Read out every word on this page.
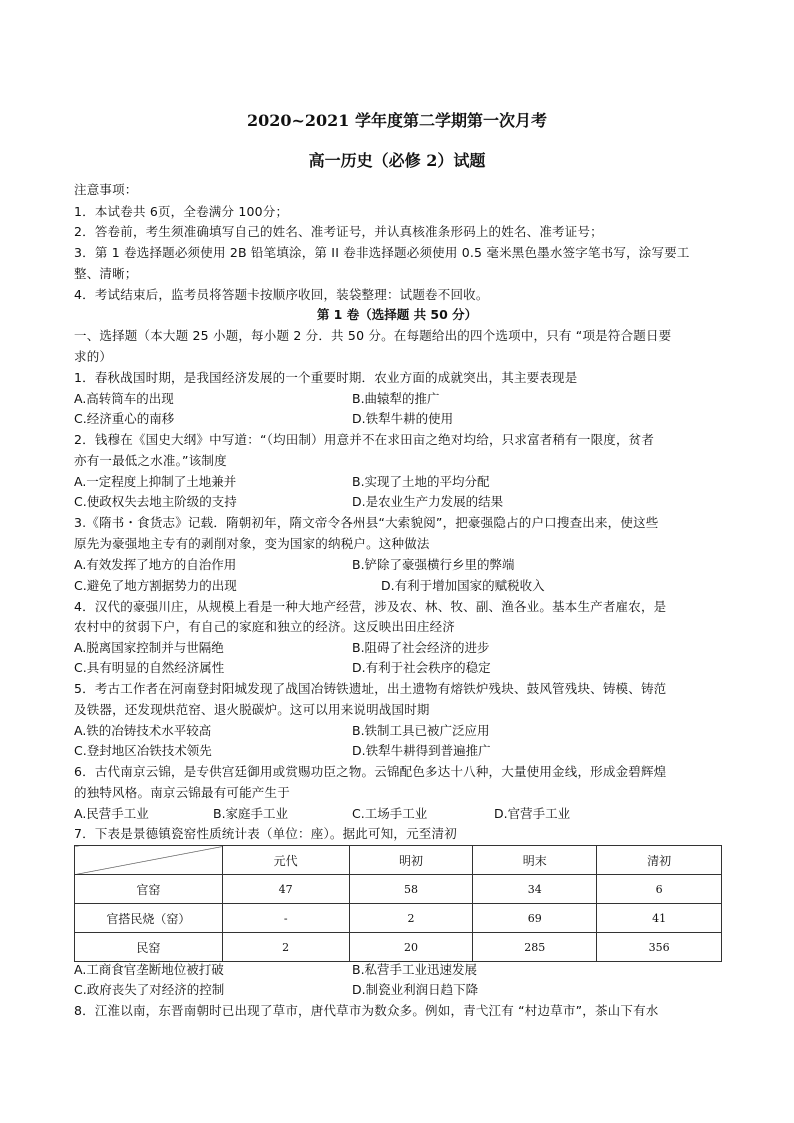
2020~2021 学年度第二学期第一次月考
高一历史（必修 2）试题
注意事项：
1．本试卷共 6页，全卷满分 100分；
2．答卷前，考生须准确填写自己的姓名、准考证号，并认真核准条形码上的姓名、准考证号；
3．第 1 卷选择题必须使用 2B 铅笔填涂，第 II 卷非选择题必须使用 0.5 毫米黑色墨水签字笔书写，涂写要工
整、清晰；
4．考试结束后，监考员将答题卡按顺序收回，装袋整理：试题卷不回收。
第 1 卷（选择题 共 50 分）
一、选择题（本大题 25 小题，每小题 2 分．共 50 分。在每题给出的四个选项中，只有 “项是符合题日要
求的）
1．春秋战国时期，是我国经济发展的一个重要时期．农业方面的成就突出，其主要表现是
A.高转筒车的出现	B.曲辕犁的推广
C.经济重心的南移	D.铁犁牛耕的使用
2．钱穆在《国史大纲》中写道：“（均田制）用意并不在求田亩之绝对均给，只求富者稍有一限度，贫者
亦有一最低之水准。”该制度
A.一定程度上抑制了土地兼并	B.实现了土地的平均分配
C.使政权失去地主阶级的支持	D.是农业生产力发展的结果
3.《隋书・食货志》记载．隋朝初年，隋文帝令各州县“大索貌阅”，把豪强隐占的户口搜查出来，使这些
原先为豪强地主专有的剥削对象，变为国家的纳税户。这种做法
A.有效发挥了地方的自治作用	B.铲除了豪强横行乡里的弊端
C.避免了地方割据势力的出现	D.有利于增加国家的赋税收入
4．汉代的豪强川庄，从规模上看是一种大地产经营，涉及农、林、牧、副、渔各业。基本生产者雇农，是
农村中的贫弱下户，有自己的家庭和独立的经济。这反映出田庄经济
A.脱离国家控制并与世隔绝	B.阻碍了社会经济的进步
C.具有明显的自然经济属性	D.有利于社会秩序的稳定
5．考古工作者在河南登封阳城发现了战国冶铸铁遗址，出土遗物有熔铁炉残块、鼓风管残块、铸模、铸范
及铁器，还发现烘范窑、退火脱碳炉。这可以用来说明战国时期
A.铁的冶铸技术水平较高	B.铁制工具已被广泛应用
C.登封地区冶铁技术领先	D.铁犁牛耕得到普遍推广
6．古代南京云锦，是专供宫廷御用或赏赐功臣之物。云锦配色多达十八种，大量使用金线，形成金碧辉煌
的独特风格。南京云锦最有可能产生于
A.民营手工业	B.家庭手工业	C.工场手工业	D.官营手工业
7．下表是景德镇瓷窑性质统计表（单位：座）。据此可知，元至清初
	元代	明初	明末	清初
官窑	47	58	34	6
官搭民烧（窑）	-	2	69	41
民窑	2	20	285	356
A.工商食官垄断地位被打破	B.私营手工业迅速发展
C.政府丧失了对经济的控制	D.制瓷业利润日趋下降
8．江淮以南，东晋南朝时已出现了草市，唐代草市为数众多。例如，青弋江有 “村边草市”，茶山下有水
